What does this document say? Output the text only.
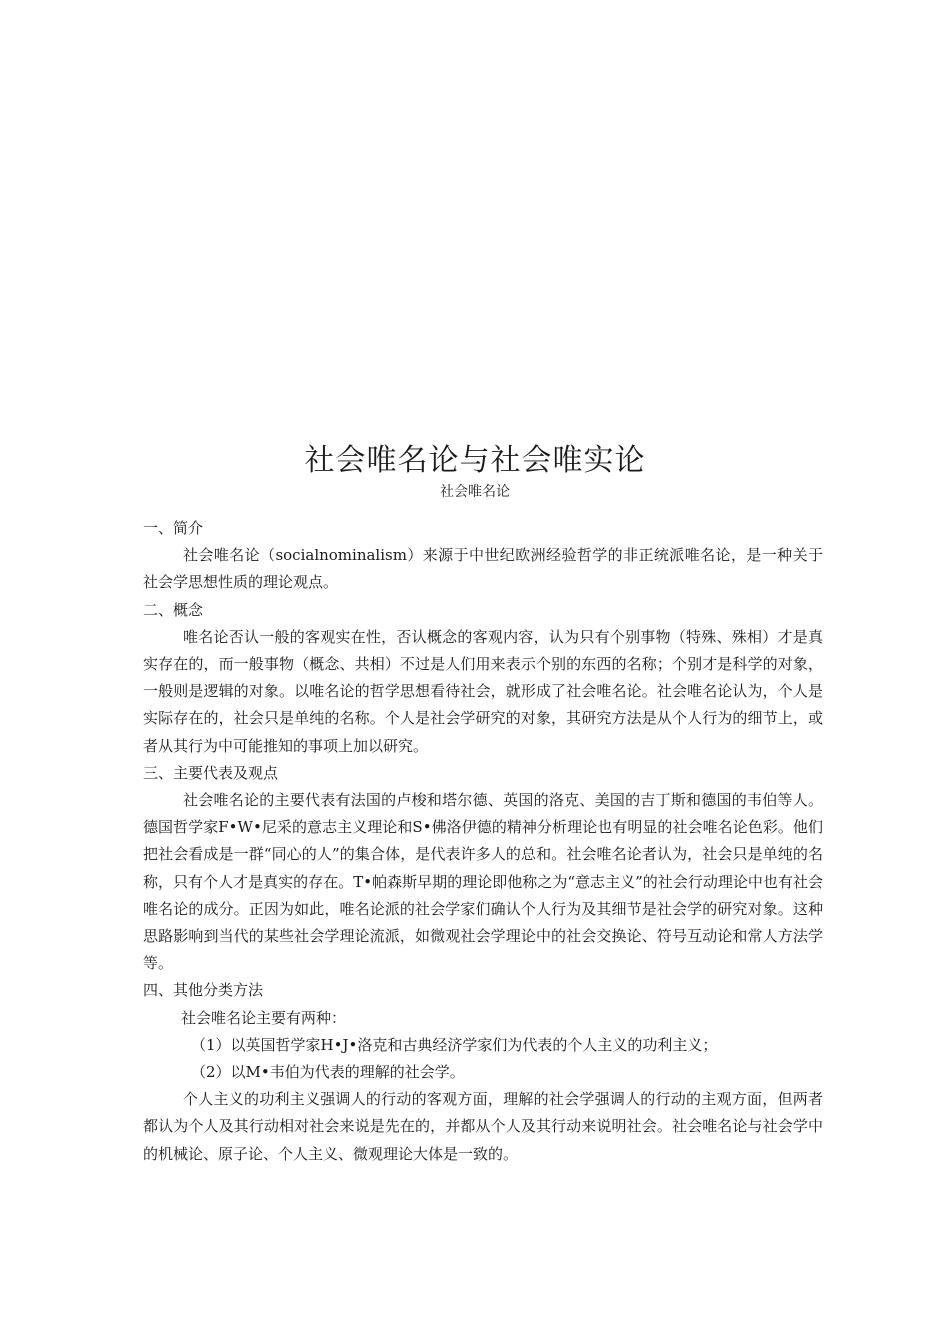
社会唯名论与社会唯实论

社会唯名论

一、简介

社会唯名论（socialnominalism）来源于中世纪欧洲经验哲学的非正统派唯名论，是一种关于社会学思想性质的理论观点。

二、概念

唯名论否认一般的客观实在性，否认概念的客观内容，认为只有个别事物（特殊、殊相）才是真实存在的，而一般事物（概念、共相）不过是人们用来表示个别的东西的名称；个别才是科学的对象，一般则是逻辑的对象。以唯名论的哲学思想看待社会，就形成了社会唯名论。社会唯名论认为，个人是实际存在的，社会只是单纯的名称。个人是社会学研究的对象，其研究方法是从个人行为的细节上，或者从其行为中可能推知的事项上加以研究。

三、主要代表及观点

社会唯名论的主要代表有法国的卢梭和塔尔德、英国的洛克、美国的吉丁斯和德国的韦伯等人。德国哲学家F•W•尼采的意志主义理论和S•佛洛伊德的精神分析理论也有明显的社会唯名论色彩。他们把社会看成是一群“同心的人”的集合体，是代表许多人的总和。社会唯名论者认为，社会只是单纯的名称，只有个人才是真实的存在。T•帕森斯早期的理论即他称之为“意志主义”的社会行动理论中也有社会唯名论的成分。正因为如此，唯名论派的社会学家们确认个人行为及其细节是社会学的研究对象。这种思路影响到当代的某些社会学理论流派，如微观社会学理论中的社会交换论、符号互动论和常人方法学等。

四、其他分类方法

社会唯名论主要有两种：

（1）以英国哲学家H•J•洛克和古典经济学家们为代表的个人主义的功利主义；

（2）以M•韦伯为代表的理解的社会学。

个人主义的功利主义强调人的行动的客观方面，理解的社会学强调人的行动的主观方面，但两者都认为个人及其行动相对社会来说是先在的，并都从个人及其行动来说明社会。社会唯名论与社会学中的机械论、原子论、个人主义、微观理论大体是一致的。
